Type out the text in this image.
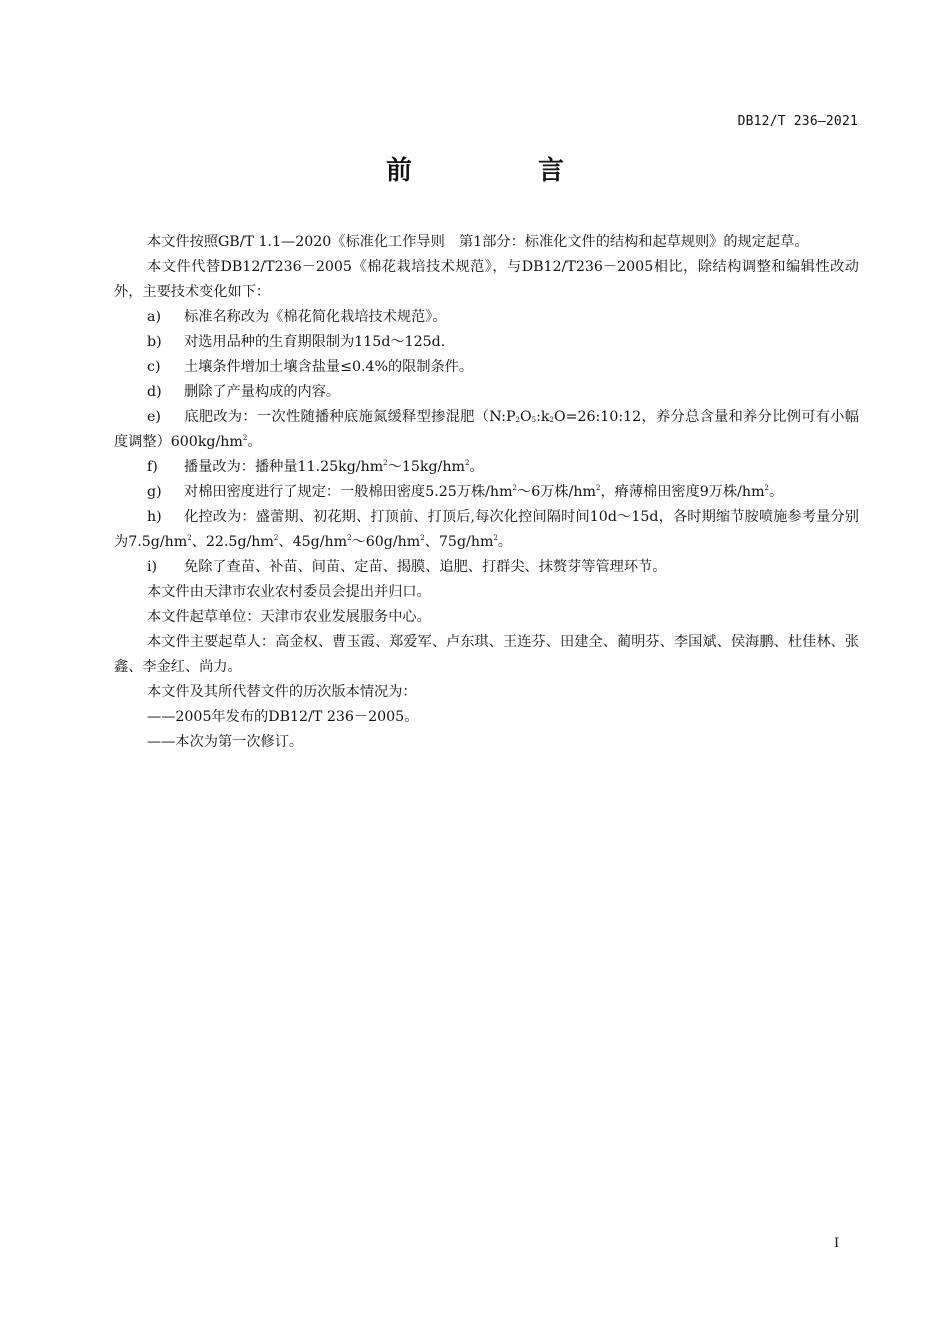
DB12/T 236—2021
前　言

本文件按照GB/T 1.1—2020《标准化工作导则　第1部分：标准化文件的结构和起草规则》的规定起草。

本文件代替DB12/T236－2005《棉花栽培技术规范》，与DB12/T236－2005相比，除结构调整和编辑性改动外，主要技术变化如下：

a) 标准名称改为《棉花简化栽培技术规范》。

b) 对选用品种的生育期限制为115d～125d.

c) 土壤条件增加土壤含盐量≤0.4%的限制条件。

d) 删除了产量构成的内容。

e) 底肥改为：一次性随播种底施氮缓释型掺混肥（$N:P_2O_5:k_2O=26:10:12$，养分总含量和养分比例可有小幅度调整）$600kg/hm^2$。

f) 播量改为：播种量$11.25kg/hm^2\sim 15kg/hm^2$。

g) 对棉田密度进行了规定：一般棉田密度5.25万株$/hm^2\sim 6$万株$/hm^2$，瘠薄棉田密度9万株$/hm^2$。

h) 化控改为：盛蕾期、初花期、打顶前、打顶后,每次化控间隔时间10d～15d，各时期缩节胺喷施参考量分别为$7.5g/hm^2$、$22.5g/hm^2$、$45g/hm^2\sim 60g/hm^2$、$75g/hm^2$。

i) 免除了查苗、补苗、间苗、定苗、揭膜、追肥、打群尖、抹赘芽等管理环节。

本文件由天津市农业农村委员会提出并归口。

本文件起草单位：天津市农业发展服务中心。

本文件主要起草人：高金权、曹玉霞、郑爱军、卢东琪、王连芬、田建全、蔺明芬、李国斌、侯海鹏、杜佳林、张鑫、李金红、尚力。

本文件及其所代替文件的历次版本情况为：

——2005年发布的DB12/T 236－2005。

——本次为第一次修订。

I
